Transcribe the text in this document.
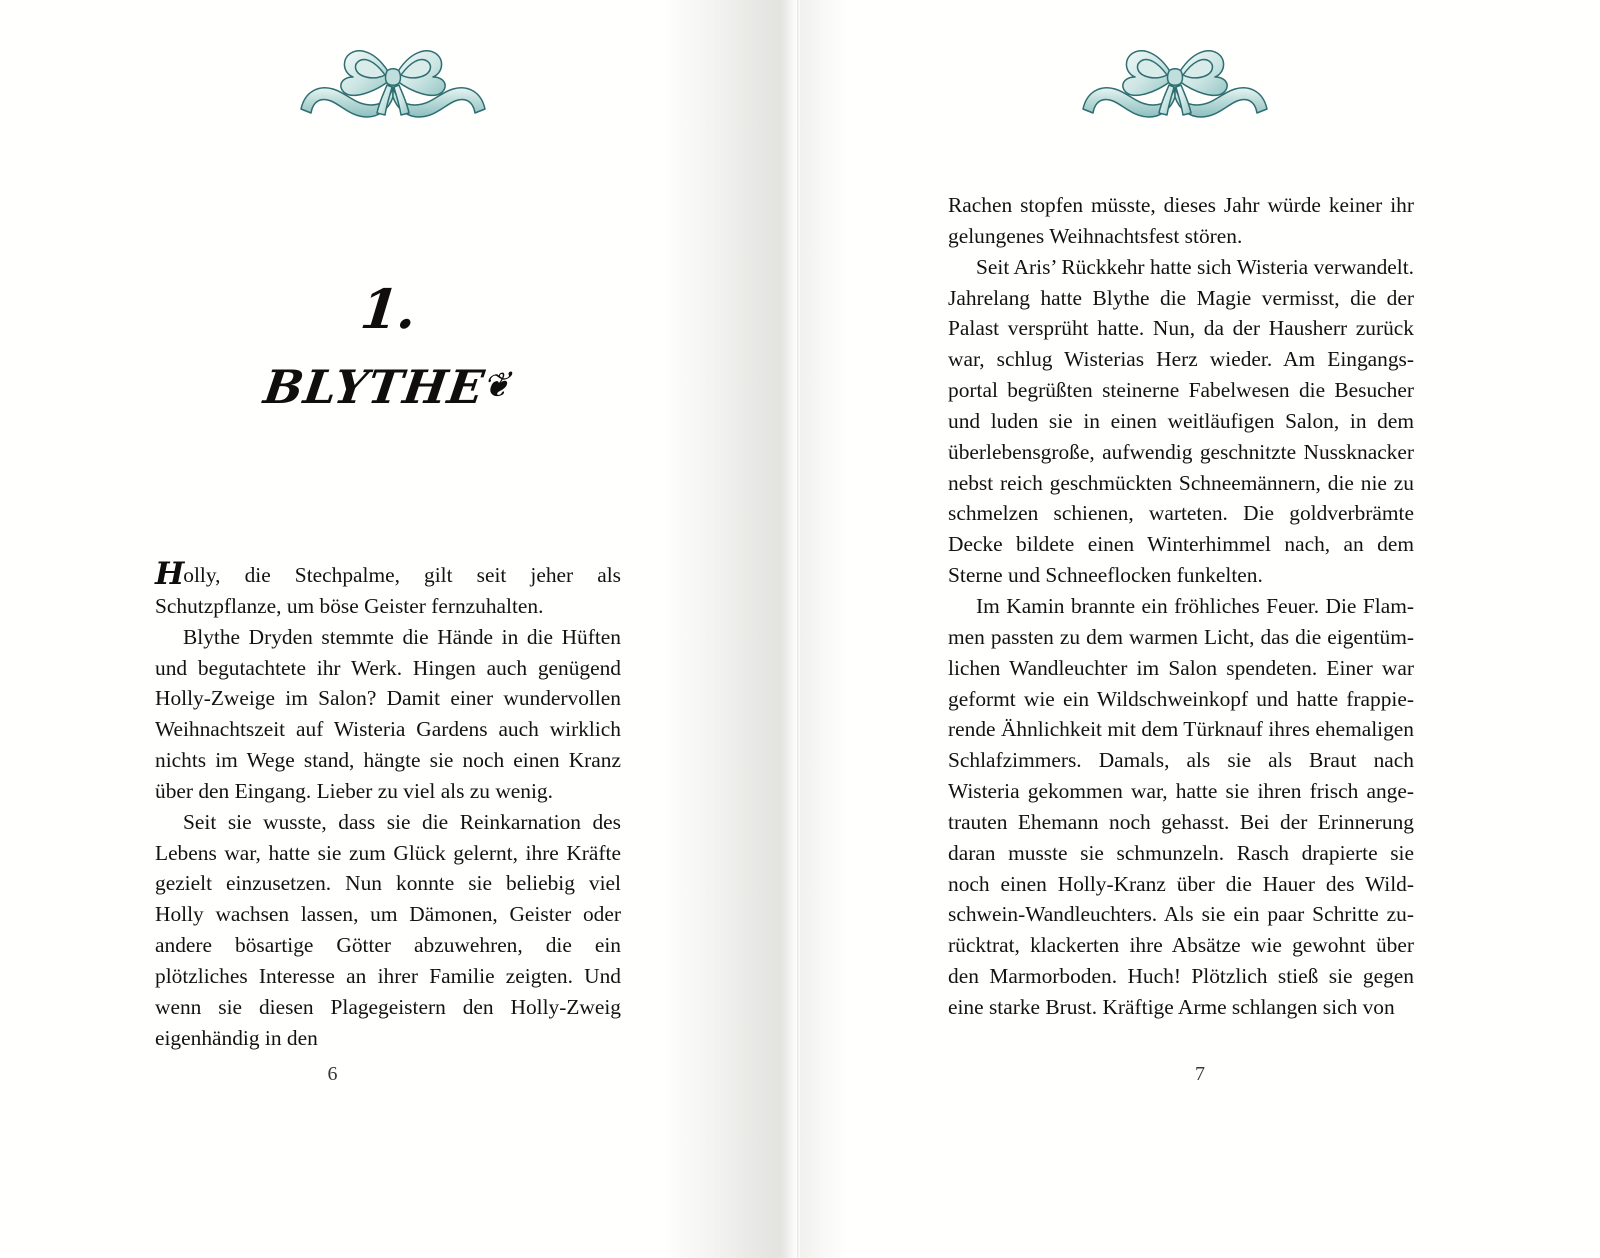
1.
BLYTHE❦

Holly, die Stechpalme, gilt seit jeher als Schutzpflanze, um böse Geister fernzuhalten.

Blythe Dryden stemmte die Hände in die Hüften und begutachtete ihr Werk. Hingen auch genügend Holly-Zweige im Salon? Damit einer wundervollen Weihnachtszeit auf Wisteria Gardens auch wirklich nichts im Wege stand, hängte sie noch einen Kranz über den Eingang. Lieber zu viel als zu wenig.

Seit sie wusste, dass sie die Reinkarnation des Lebens war, hatte sie zum Glück gelernt, ihre Kräfte gezielt einzusetzen. Nun konnte sie beliebig viel Holly wachsen lassen, um Dämonen, Geister oder andere bösartige Götter abzuwehren, die ein plötzliches Interesse an ihrer Familie zeigten. Und wenn sie diesen Plagegeistern den Holly-Zweig eigenhändig in den

6

Rachen stopfen müsste, dieses Jahr würde keiner ihr gelungenes Weihnachtsfest stören.

Seit Aris’ Rückkehr hatte sich Wisteria verwandelt. Jahrelang hatte Blythe die Magie vermisst, die der Palast versprüht hatte. Nun, da der Hausherr zurück war, schlug Wisterias Herz wieder. Am Eingangsportal begrüßten steinerne Fabelwesen die Besucher und luden sie in einen weitläufigen Salon, in dem überlebensgroße, aufwendig geschnitzte Nussknacker nebst reich geschmückten Schneemännern, die nie zu schmelzen schienen, warteten. Die goldverbrämte Decke bildete einen Winterhimmel nach, an dem Sterne und Schneeflocken funkelten.

Im Kamin brannte ein fröhliches Feuer. Die Flammen passten zu dem warmen Licht, das die eigentümlichen Wandleuchter im Salon spendeten. Einer war geformt wie ein Wildschweinkopf und hatte frappierende Ähnlichkeit mit dem Türknauf ihres ehemaligen Schlafzimmers. Damals, als sie als Braut nach Wisteria gekommen war, hatte sie ihren frisch angetrauten Ehemann noch gehasst. Bei der Erinnerung daran musste sie schmunzeln. Rasch drapierte sie noch einen Holly-Kranz über die Hauer des Wildschwein-Wandleuchters. Als sie ein paar Schritte zurücktrat, klackerten ihre Absätze wie gewohnt über den Marmorboden. Huch! Plötzlich stieß sie gegen eine starke Brust. Kräftige Arme schlangen sich von

7
